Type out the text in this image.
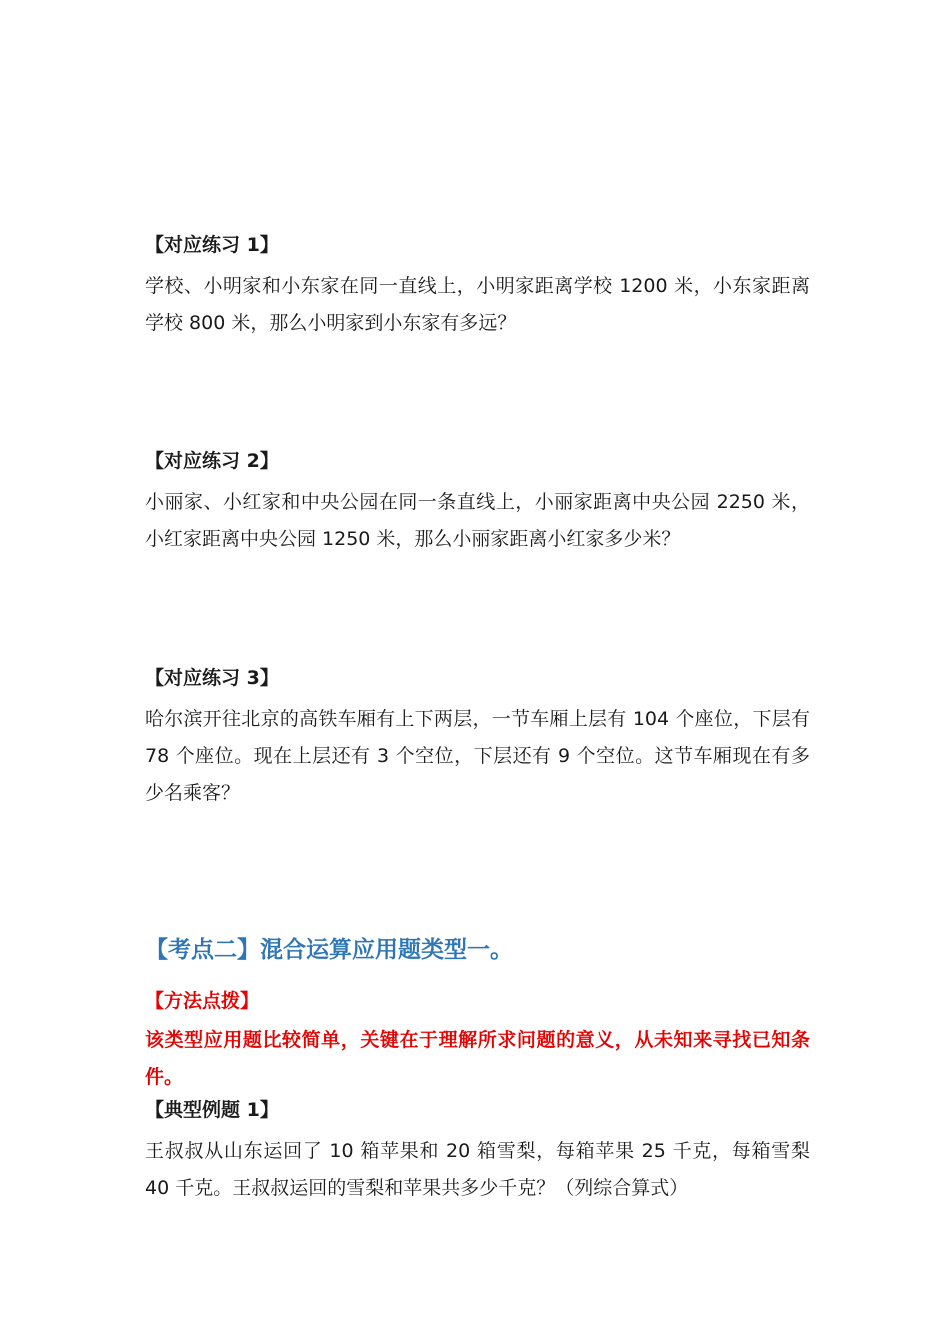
【对应练习 1】

学校、小明家和小东家在同一直线上，小明家距离学校 1200 米，小东家距离学校 800 米，那么小明家到小东家有多远？

【对应练习 2】

小丽家、小红家和中央公园在同一条直线上，小丽家距离中央公园 2250 米，小红家距离中央公园 1250 米，那么小丽家距离小红家多少米？

【对应练习 3】

哈尔滨开往北京的高铁车厢有上下两层，一节车厢上层有 104 个座位，下层有 78 个座位。现在上层还有 3 个空位，下层还有 9 个空位。这节车厢现在有多少名乘客？

【考点二】混合运算应用题类型一。

【方法点拨】

该类型应用题比较简单，关键在于理解所求问题的意义，从未知来寻找已知条件。

【典型例题 1】

王叔叔从山东运回了 10 箱苹果和 20 箱雪梨，每箱苹果 25 千克，每箱雪梨 40 千克。王叔叔运回的雪梨和苹果共多少千克？（列综合算式）
